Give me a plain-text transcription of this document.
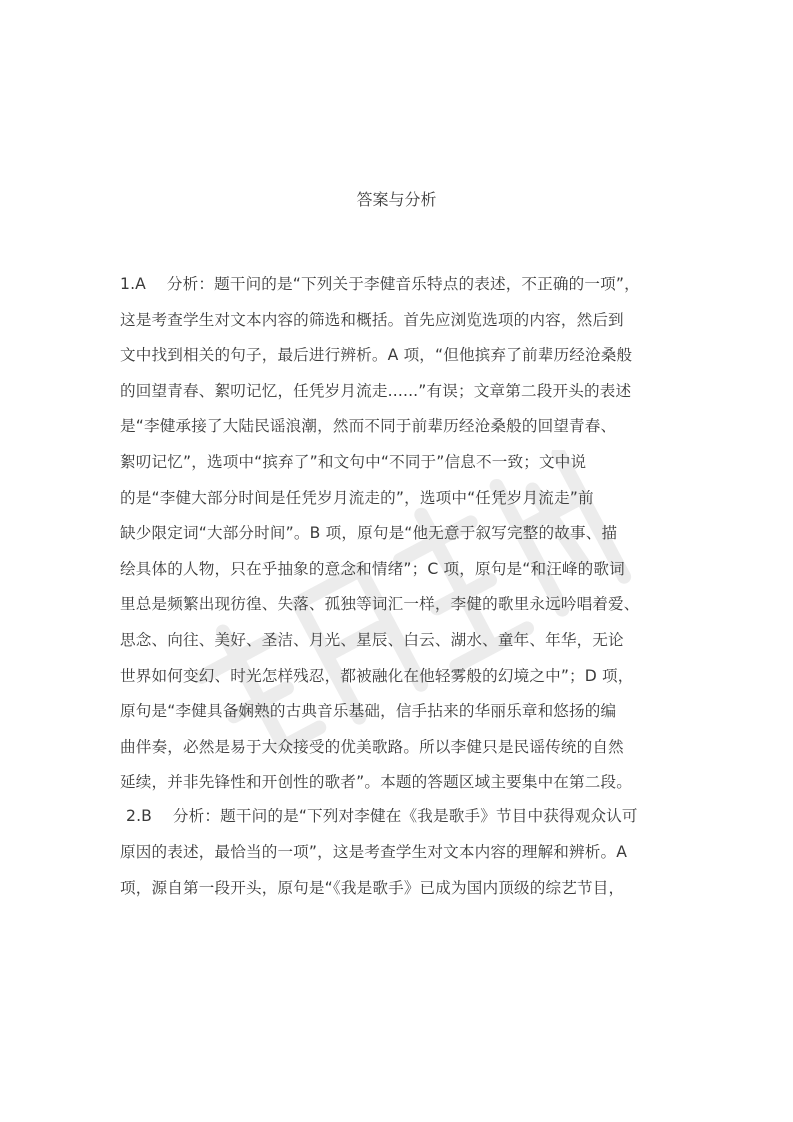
答案与分析
1.A　 分析：题干问的是“下列关于李健音乐特点的表述，不正确的一项”，
这是考查学生对文本内容的筛选和概括。首先应浏览选项的内容，然后到
文中找到相关的句子，最后进行辨析。A 项，“但他摈弃了前辈历经沧桑般
的回望青春、絮叨记忆，任凭岁月流走......”有误；文章第二段开头的表述
是“李健承接了大陆民谣浪潮，然而不同于前辈历经沧桑般的回望青春、
絮叨记忆”，选项中“摈弃了”和文句中“不同于”信息不一致；文中说
的是“李健大部分时间是任凭岁月流走的”，选项中“任凭岁月流走”前
缺少限定词“大部分时间”。B 项，原句是“他无意于叙写完整的故事、描
绘具体的人物，只在乎抽象的意念和情绪”；C 项，原句是“和汪峰的歌词
里总是频繁出现彷徨、失落、孤独等词汇一样，李健的歌里永远吟唱着爱、
思念、向往、美好、圣洁、月光、星辰、白云、湖水、童年、年华，无论
世界如何变幻、时光怎样残忍，都被融化在他轻雾般的幻境之中”；D 项，
原句是“李健具备娴熟的古典音乐基础，信手拈来的华丽乐章和悠扬的编
曲伴奏，必然是易于大众接受的优美歌路。所以李健只是民谣传统的自然
延续，并非先锋性和开创性的歌者”。本题的答题区域主要集中在第二段。
2.B　 分析：题干问的是“下列对李健在《我是歌手》节目中获得观众认可
原因的表述，最恰当的一项”，这是考查学生对文本内容的理解和辨析。A
项，源自第一段开头，原句是“《我是歌手》已成为国内顶级的综艺节目，
